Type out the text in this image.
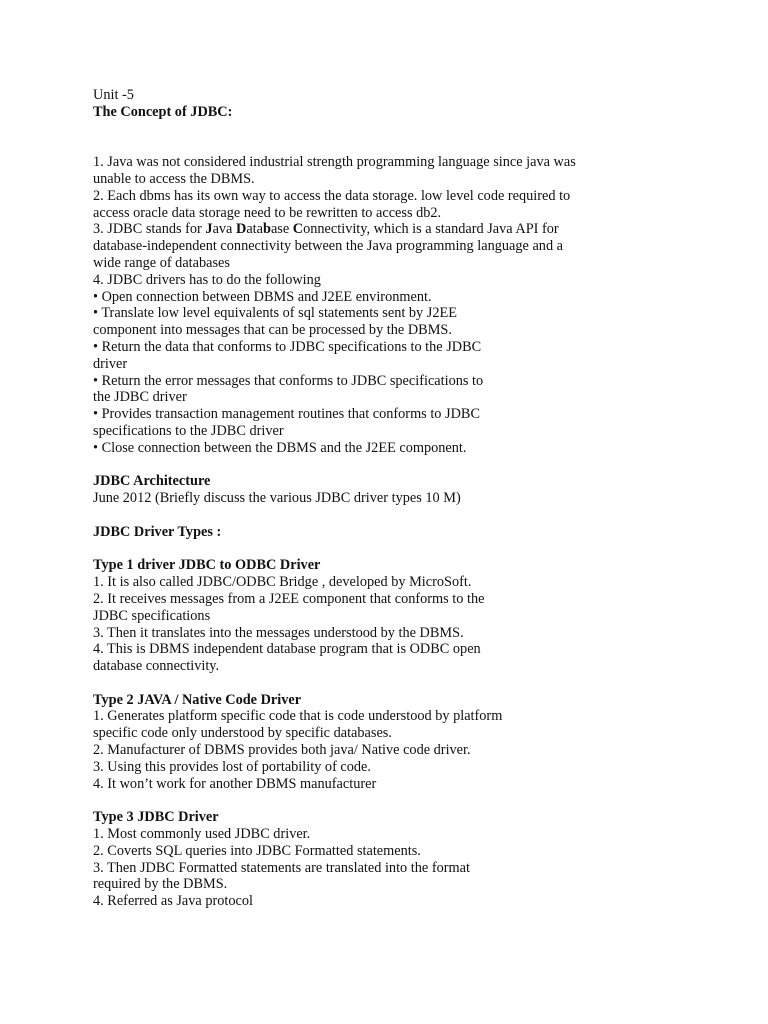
Unit -5
The Concept of JDBC:
1. Java was not considered industrial strength programming language since java was
unable to access the DBMS.
2. Each dbms has its own way to access the data storage. low level code required to
access oracle data storage need to be rewritten to access db2.
3. JDBC stands for Java Database Connectivity, which is a standard Java API for
database-independent connectivity between the Java programming language and a
wide range of databases
4. JDBC drivers has to do the following
• Open connection between DBMS and J2EE environment.
• Translate low level equivalents of sql statements sent by J2EE
component into messages that can be processed by the DBMS.
• Return the data that conforms to JDBC specifications to the JDBC
driver
• Return the error messages that conforms to JDBC specifications to
the JDBC driver
• Provides transaction management routines that conforms to JDBC
specifications to the JDBC driver
• Close connection between the DBMS and the J2EE component.
JDBC Architecture
June 2012 (Briefly discuss the various JDBC driver types 10 M)
JDBC Driver Types :
Type 1 driver JDBC to ODBC Driver
1. It is also called JDBC/ODBC Bridge , developed by MicroSoft.
2. It receives messages from a J2EE component that conforms to the
JDBC specifications
3. Then it translates into the messages understood by the DBMS.
4. This is DBMS independent database program that is ODBC open
database connectivity.
Type 2 JAVA / Native Code Driver
1. Generates platform specific code that is code understood by platform
specific code only understood by specific databases.
2. Manufacturer of DBMS provides both java/ Native code driver.
3. Using this provides lost of portability of code.
4. It won’t work for another DBMS manufacturer
Type 3 JDBC Driver
1. Most commonly used JDBC driver.
2. Coverts SQL queries into JDBC Formatted statements.
3. Then JDBC Formatted statements are translated into the format
required by the DBMS.
4. Referred as Java protocol
